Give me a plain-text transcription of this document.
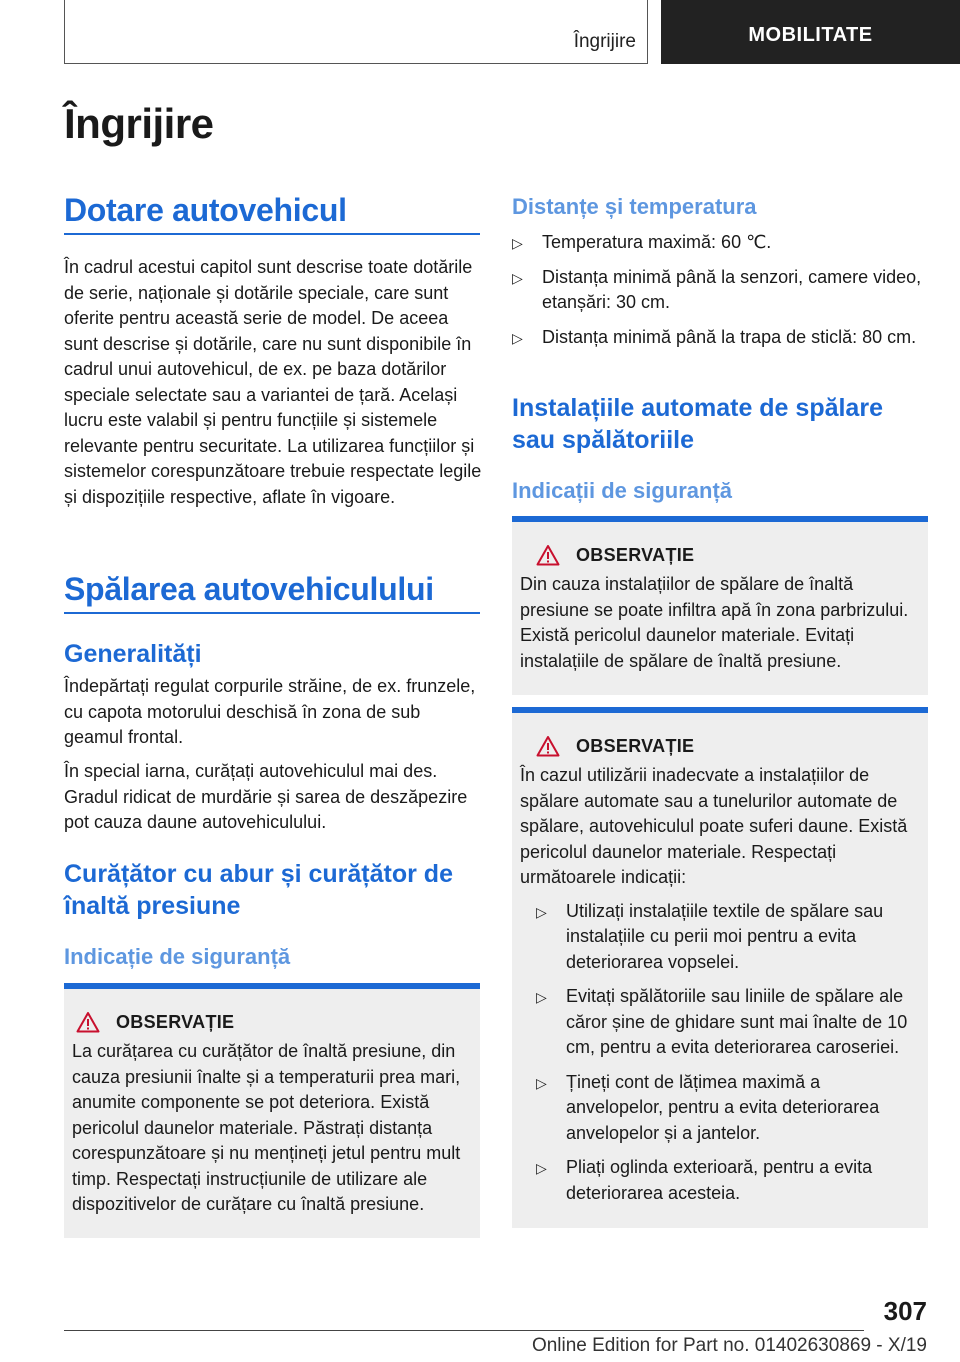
Îngrijire	MOBILITATE
Îngrijire
Dotare autovehicul

În cadrul acestui capitol sunt descrise toate dotările de serie, naționale și dotările speciale, care sunt oferite pentru această serie de model. De aceea sunt descrise și dotările, care nu sunt disponibile în cadrul unui autovehicul, de ex. pe baza dotărilor speciale selectate sau a variantei de țară. Același lucru este valabil și pentru funcțiile și sistemele relevante pentru securitate. La utilizarea funcțiilor și sistemelor corespunzătoare trebuie respectate legile și dispozițiile respective, aflate în vigoare.

Spălarea autovehiculului
Generalități

Îndepărtați regulat corpurile străine, de ex. frunzele, cu capota motorului deschisă în zona de sub geamul frontal.

În special iarna, curățați autovehiculul mai des. Gradul ridicat de murdărie și sarea de deszăpezire pot cauza daune autovehiculului.

Curățător cu abur și curățător de înaltă presiune
Indicație de siguranță
OBSERVAȚIE

La curățarea cu curățător de înaltă presiune, din cauza presiunii înalte și a temperaturii prea mari, anumite componente se pot deteriora. Există pericolul daunelor materiale. Păstrați distanța corespunzătoare și nu mențineți jetul pentru mult timp. Respectați instrucțiunile de utilizare ale dispozitivelor de curățare cu înaltă presiune.

Distanțe și temperatura
▷ Temperatura maximă: 60 ℃.
▷ Distanța minimă până la senzori, camere video, etanșări: 30 cm.
▷ Distanța minimă până la trapa de sticlă: 80 cm.
Instalațiile automate de spălare sau spălătoriile
Indicații de siguranță
OBSERVAȚIE

Din cauza instalațiilor de spălare de înaltă presiune se poate infiltra apă în zona parbrizului. Există pericolul daunelor materiale. Evitați instalațiile de spălare de înaltă presiune.

OBSERVAȚIE

În cazul utilizării inadecvate a instalațiilor de spălare automate sau a tunelurilor automate de spălare, autovehiculul poate suferi daune. Există pericolul daunelor materiale. Respectați următoarele indicații:

▷ Utilizați instalațiile textile de spălare sau instalațiile cu perii moi pentru a evita deteriorarea vopselei.
▷ Evitați spălătoriile sau liniile de spălare ale căror șine de ghidare sunt mai înalte de 10 cm, pentru a evita deteriorarea caroseriei.
▷ Țineți cont de lățimea maximă a anvelopelor, pentru a evita deteriorarea anvelopelor și a jantelor.
▷ Pliați oglinda exterioară, pentru a evita deteriorarea acesteia.
307
Online Edition for Part no. 01402630869 - X/19
